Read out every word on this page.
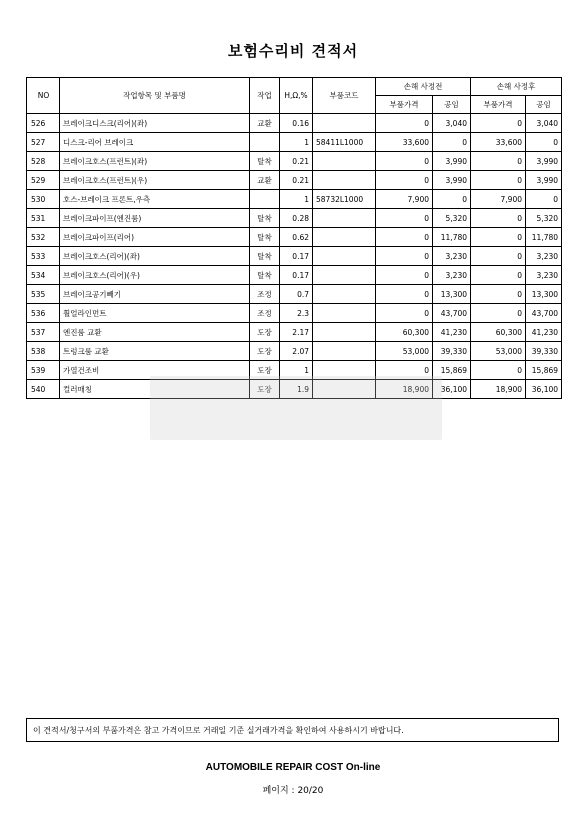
보험수리비 견적서
NO	작업항목 및 부품명	작업	H,Ω,%	부품코드	손해 사정전		손해 사정후	
					부품가격	공임	부품가격	공임
526	브레이크디스크(리어)(좌)	교환	0.16		0	3,040	0	3,040
527	디스크-리어 브레이크		1	58411L1000	33,600	0	33,600	0
528	브레이크호스(프런트)(좌)	탈착	0.21		0	3,990	0	3,990
529	브레이크호스(프런트)(우)	교환	0.21		0	3,990	0	3,990
530	호스-브레이크 프론트,우측		1	58732L1000	7,900	0	7,900	0
531	브레이크파이프(엔진룸)	탈착	0.28		0	5,320	0	5,320
532	브레이크파이프(리어)	탈착	0.62		0	11,780	0	11,780
533	브레이크호스(리어)(좌)	탈착	0.17		0	3,230	0	3,230
534	브레이크호스(리어)(우)	탈착	0.17		0	3,230	0	3,230
535	브레이크공기빼기	조정	0.7		0	13,300	0	13,300
536	휠얼라인먼트	조정	2.3		0	43,700	0	43,700
537	엔진룸 교환	도장	2.17		60,300	41,230	60,300	41,230
538	트렁크룸 교환	도장	2.07		53,000	39,330	53,000	39,330
539	가열건조비	도장	1		0	15,869	0	15,869
540	컬러매칭	도장	1.9		18,900	36,100	18,900	36,100
이 견적서/청구서의 부품가격은 참고 가격이므로 거래일 기준 실거래가격을 확인하여 사용하시기 바랍니다.
AUTOMOBILE REPAIR COST On-line
페이지 : 20/20
